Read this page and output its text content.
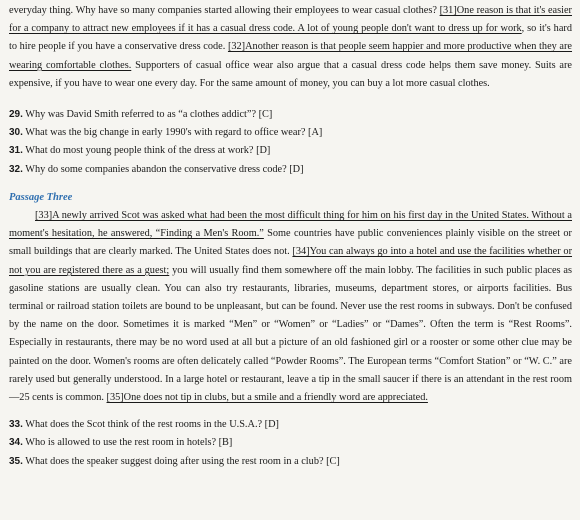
everyday thing. Why have so many companies started allowing their employees to wear casual clothes? [31]One reason is that it's easier for a company to attract new employees if it has a casual dress code. A lot of young people don't want to dress up for work, so it's hard to hire people if you have a conservative dress code. [32]Another reason is that people seem happier and more productive when they are wearing comfortable clothes. Supporters of casual office wear also argue that a casual dress code helps them save money. Suits are expensive, if you have to wear one every day. For the same amount of money, you can buy a lot more casual clothes.

29. Why was David Smith referred to as “a clothes addict”? [C]

30. What was the big change in early 1990's with regard to office wear? [A]

31. What do most young people think of the dress at work? [D]

32. Why do some companies abandon the conservative dress code? [D]

Passage Three

[33]A newly arrived Scot was asked what had been the most difficult thing for him on his first day in the United States. Without a moment's hesitation, he answered, “Finding a Men's Room.” Some countries have public conveniences plainly visible on the street or small buildings that are clearly marked. The United States does not. [34]You can always go into a hotel and use the facilities whether or not you are registered there as a guest; you will usually find them somewhere off the main lobby. The facilities in such public places as gasoline stations are usually clean. You can also try restaurants, libraries, museums, department stores, or airports facilities. Bus terminal or railroad station toilets are bound to be unpleasant, but can be found. Never use the rest rooms in subways. Don't be confused by the name on the door. Sometimes it is marked “Men” or “Women” or “Ladies” or “Dames”. Often the term is “Rest Rooms”. Especially in restaurants, there may be no word used at all but a picture of an old fashioned girl or a rooster or some other clue may be painted on the door. Women's rooms are often delicately called “Powder Rooms”. The European terms “Comfort Station” or “W. C.” are rarely used but generally understood. In a large hotel or restaurant, leave a tip in the small saucer if there is an attendant in the rest room—25 cents is common. [35]One does not tip in clubs, but a smile and a friendly word are appreciated.

33. What does the Scot think of the rest rooms in the U.S.A.? [D]

34. Who is allowed to use the rest room in hotels? [B]

35. What does the speaker suggest doing after using the rest room in a club? [C]
